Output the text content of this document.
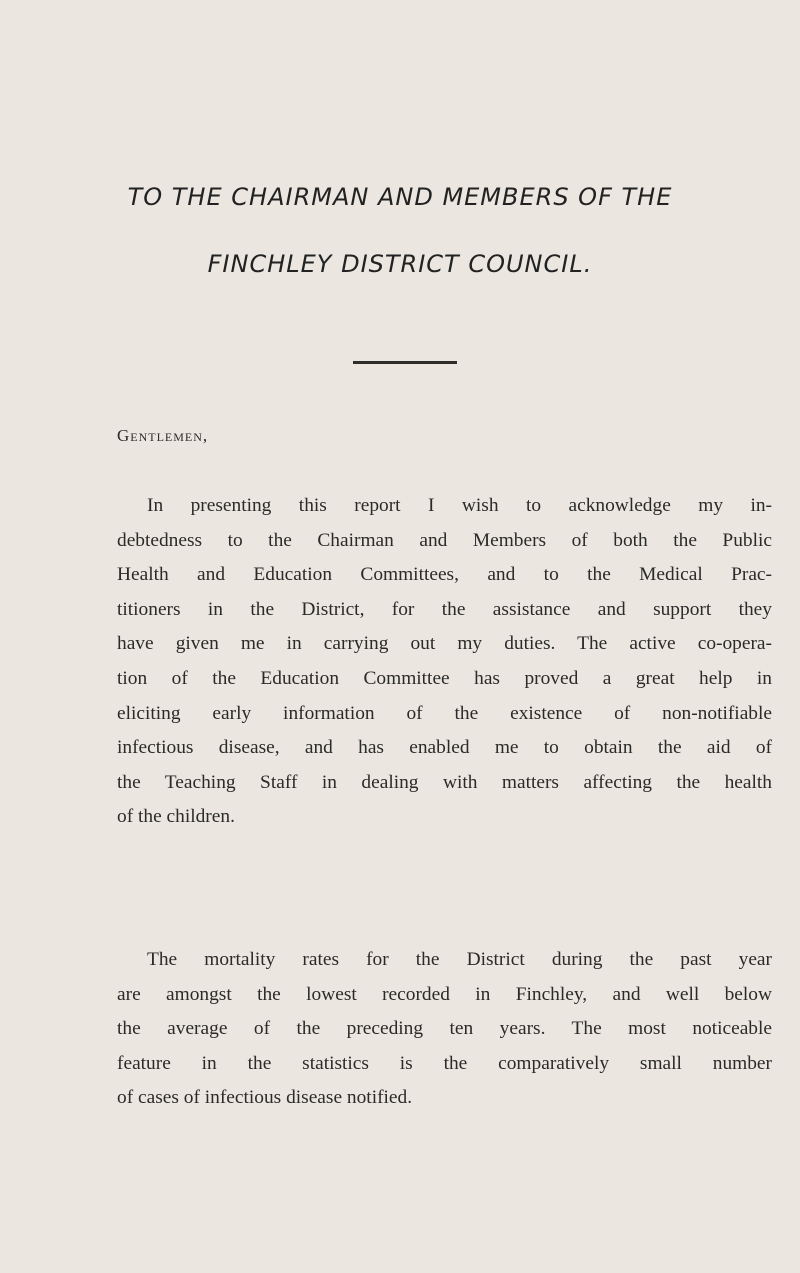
TO THE CHAIRMAN AND MEMBERS OF THE
FINCHLEY DISTRICT COUNCIL.
Gentlemen,
In presenting this report I wish to acknowledge my in-
debtedness to the Chairman and Members of both the Public
Health and Education Committees, and to the Medical Prac-
titioners in the District, for the assistance and support they
have given me in carrying out my duties. The active co-opera-
tion of the Education Committee has proved a great help in
eliciting early information of the existence of non-notifiable
infectious disease, and has enabled me to obtain the aid of
the Teaching Staff in dealing with matters affecting the health
of the children.
The mortality rates for the District during the past year
are amongst the lowest recorded in Finchley, and well below
the average of the preceding ten years. The most noticeable
feature in the statistics is the comparatively small number
of cases of infectious disease notified.
